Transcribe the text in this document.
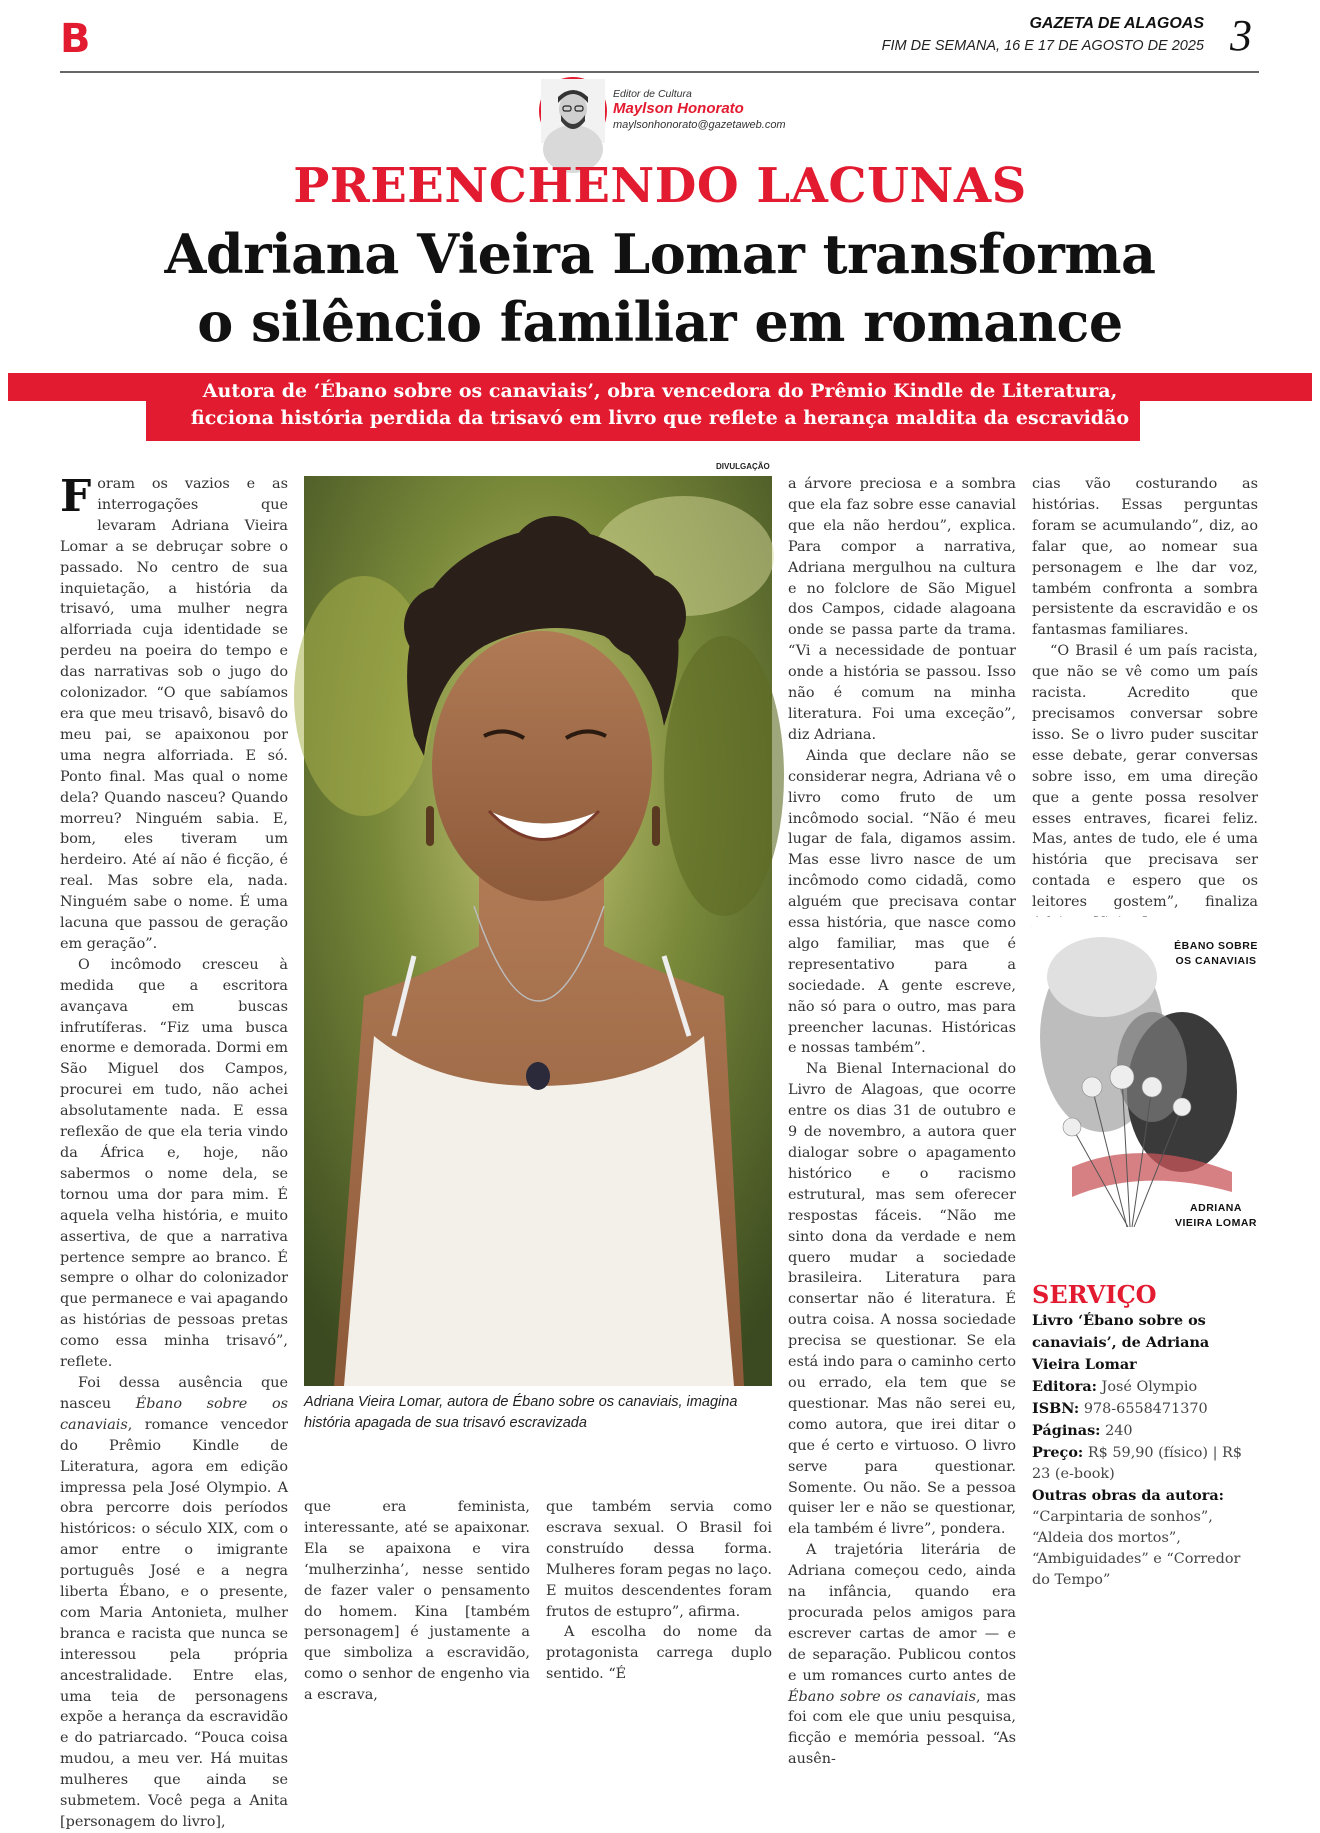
B	GAZETA DE ALAGOAS
FIM DE SEMANA, 16 E 17 DE AGOSTO DE 2025 3
Editor de Cultura
Maylson Honorato
maylsonhonorato@gazetaweb.com
PREENCHENDO LACUNAS
Adriana Vieira Lomar transforma
o silêncio familiar em romance
Autora de ‘Ébano sobre os canaviais’, obra vencedora do Prêmio Kindle de Literatura,
ficciona história perdida da trisavó em livro que reflete a herança maldita da escravidão
DIVULGAÇÃO
Adriana Vieira Lomar, autora de Ébano sobre os canaviais, imagina história apagada de sua trisavó escravizada

Foram os vazios e as interrogações que levaram Adriana Vieira Lomar a se debruçar sobre o passado. No centro de sua inquietação, a história da trisavó, uma mulher negra alforriada cuja identidade se perdeu na poeira do tempo e das narrativas sob o jugo do colonizador. “O que sabíamos era que meu trisavô, bisavô do meu pai, se apaixonou por uma negra alforriada. E só. Ponto final. Mas qual o nome dela? Quando nasceu? Quando morreu? Ninguém sabia. E, bom, eles tiveram um herdeiro. Até aí não é ficção, é real. Mas sobre ela, nada. Ninguém sabe o nome. É uma lacuna que passou de geração em geração”.

O incômodo cresceu à medida que a escritora avançava em buscas infrutíferas. “Fiz uma busca enorme e demorada. Dormi em São Miguel dos Campos, procurei em tudo, não achei absolutamente nada. E essa reflexão de que ela teria vindo da África e, hoje, não sabermos o nome dela, se tornou uma dor para mim. É aquela velha história, e muito assertiva, de que a narrativa pertence sempre ao branco. É sempre o olhar do colonizador que permanece e vai apagando as histórias de pessoas pretas como essa minha trisavó”, reflete.

Foi dessa ausência que nasceu Ébano sobre os canaviais, romance vencedor do Prêmio Kindle de Literatura, agora em edição impressa pela José Olympio. A obra percorre dois períodos históricos: o século XIX, com o amor entre o imigrante português José e a negra liberta Ébano, e o presente, com Maria Antonieta, mulher branca e racista que nunca se interessou pela própria ancestralidade. Entre elas, uma teia de personagens expõe a herança da escravidão e do patriarcado. “Pouca coisa mudou, a meu ver. Há muitas mulheres que ainda se submetem. Você pega a Anita [personagem do livro],

que era feminista, interessante, até se apaixonar. Ela se apaixona e vira ‘mulherzinha’, nesse sentido de fazer valer o pensamento do homem. Kina [também personagem] é justamente a que simboliza a escravidão, como o senhor de engenho via a escrava,

que também servia como escrava sexual. O Brasil foi construído dessa forma. Mulheres foram pegas no laço. E muitos descendentes foram frutos de estupro”, afirma.

A escolha do nome da protagonista carrega duplo sentido. “É

a árvore preciosa e a sombra que ela faz sobre esse canavial que ela não herdou”, explica. Para compor a narrativa, Adriana mergulhou na cultura e no folclore de São Miguel dos Campos, cidade alagoana onde se passa parte da trama. “Vi a necessidade de pontuar onde a história se passou. Isso não é comum na minha literatura. Foi uma exceção”, diz Adriana.

Ainda que declare não se considerar negra, Adriana vê o livro como fruto de um incômodo social. “Não é meu lugar de fala, digamos assim. Mas esse livro nasce de um incômodo como cidadã, como alguém que precisava contar essa história, que nasce como algo familiar, mas que é representativo para a sociedade. A gente escreve, não só para o outro, mas para preencher lacunas. Históricas e nossas também”.

Na Bienal Internacional do Livro de Alagoas, que ocorre entre os dias 31 de outubro e 9 de novembro, a autora quer dialogar sobre o apagamento histórico e o racismo estrutural, mas sem oferecer respostas fáceis. “Não me sinto dona da verdade e nem quero mudar a sociedade brasileira. Literatura para consertar não é literatura. É outra coisa. A nossa sociedade precisa se questionar. Se ela está indo para o caminho certo ou errado, ela tem que se questionar. Mas não serei eu, como autora, que irei ditar o que é certo e virtuoso. O livro serve para questionar. Somente. Ou não. Se a pessoa quiser ler e não se questionar, ela também é livre”, pondera.

A trajetória literária de Adriana começou cedo, ainda na infância, quando era procurada pelos amigos para escrever cartas de amor — e de separação. Publicou contos e um romances curto antes de Ébano sobre os canaviais, mas foi com ele que uniu pesquisa, ficção e memória pessoal. “As ausên-

cias vão costurando as histórias. Essas perguntas foram se acumulando”, diz, ao falar que, ao nomear sua personagem e lhe dar voz, também confronta a sombra persistente da escravidão e os fantasmas familiares.

“O Brasil é um país racista, que não se vê como um país racista. Acredito que precisamos conversar sobre isso. Se o livro puder suscitar esse debate, gerar conversas sobre isso, em uma direção que a gente possa resolver esses entraves, ficarei feliz. Mas, antes de tudo, ele é uma história que precisava ser contada e espero que os leitores gostem”, finaliza

ÉBANO SOBRE OS CANAVIAIS
ADRIANA VIEIRA LOMAR
SERVIÇO

Livro ‘Ébano sobre os canaviais’, de Adriana Vieira Lomar

Editora: José Olympio

ISBN: 978-6558471370

Páginas: 240

Preço: R$ 59,90 (físico) | R$ 23 (e-book)

Outras obras da autora: “Carpintaria de sonhos”, “Aldeia dos mortos”, “Ambiguidades” e “Corredor do Tempo”
